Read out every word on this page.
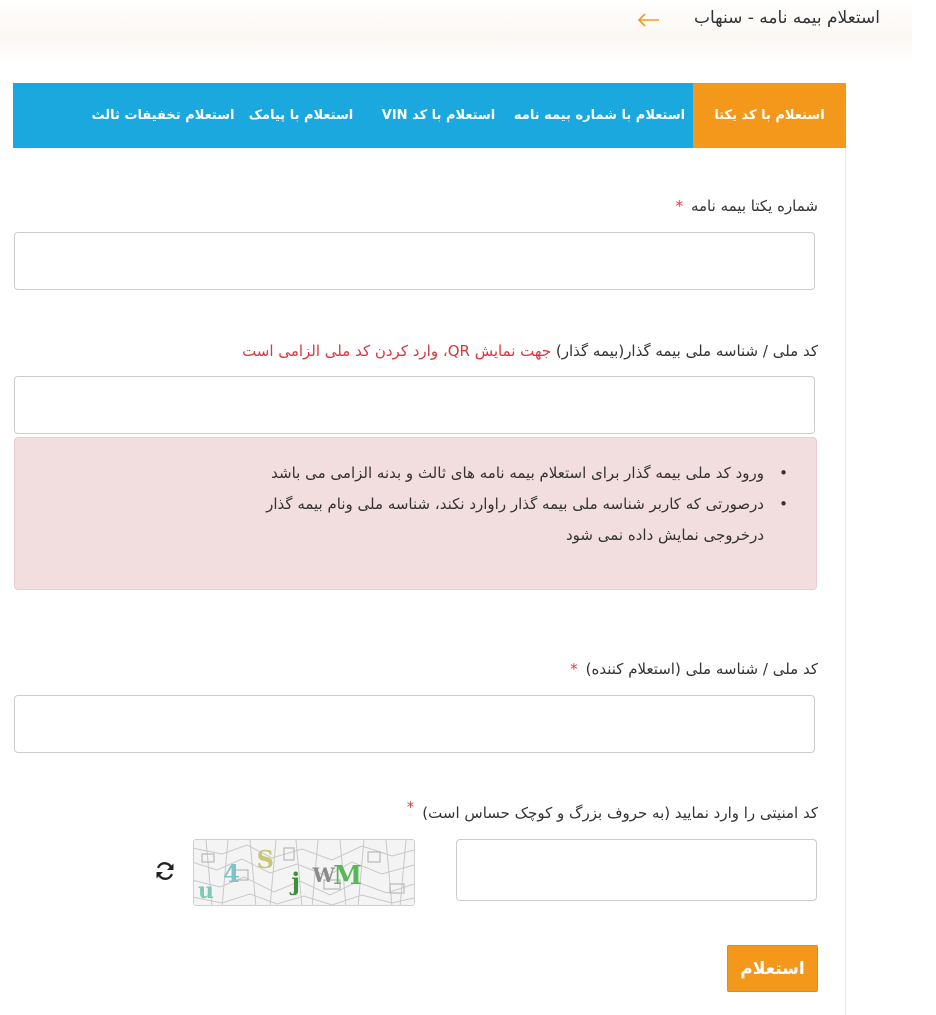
استعلام بیمه نامه - سنهاب
استعلام با کد یکتا
استعلام با شماره بیمه نامه
استعلام با کد VIN
استعلام با پیامک
استعلام تخفیفات ثالث
شماره یکتا بیمه نامه*
کد ملی / شناسه ملی بیمه گذار(بیمه گذار) جهت نمایش QR، وارد کردن کد ملی الزامی است
•
ورود کد ملی بیمه گذار برای استعلام بیمه نامه های ثالث و بدنه الزامی می باشد
•
درصورتی که کاربر شناسه ملی بیمه گذار راوارد نکند، شناسه ملی ونام بیمه گذار
درخروجی نمایش داده نمی شود
کد ملی / شناسه ملی (استعلام کننده)*
کد امنیتی را وارد نمایید (به حروف بزرگ و کوچک حساس است)*
u
4 S
j W
M
استعلام
